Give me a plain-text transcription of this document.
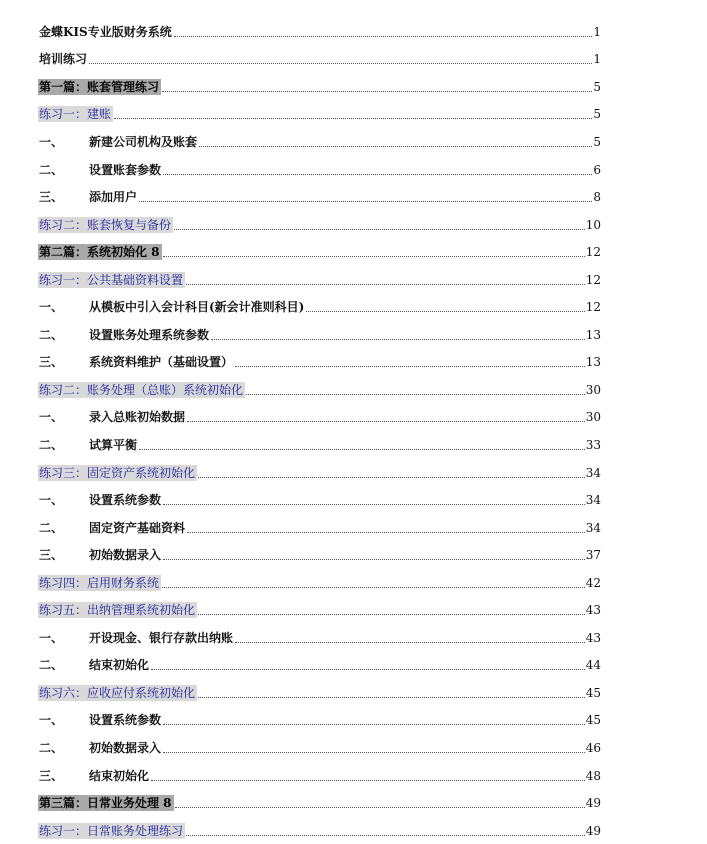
金蝶KIS专业版财务系统	1
培训练习	1
第一篇：账套管理练习	5
练习一：建账	5
一、	新建公司机构及账套	5
二、	设置账套参数	6
三、	添加用户	8
练习二：账套恢复与备份	10
第二篇：系统初始化 8	12
练习一：公共基础资料设置	12
一、	从模板中引入会计科目(新会计准则科目)	12
二、	设置账务处理系统参数	13
三、	系统资料维护（基础设置）	13
练习二：账务处理（总账）系统初始化	30
一、	录入总账初始数据	30
二、	试算平衡	33
练习三：固定资产系统初始化	34
一、	设置系统参数	34
二、	固定资产基础资料	34
三、	初始数据录入	37
练习四：启用财务系统	42
练习五：出纳管理系统初始化	43
一、	开设现金、银行存款出纳账	43
二、	结束初始化	44
练习六：应收应付系统初始化	45
一、	设置系统参数	45
二、	初始数据录入	46
三、	结束初始化	48
第三篇：日常业务处理 8	49
练习一：日常账务处理练习	49
